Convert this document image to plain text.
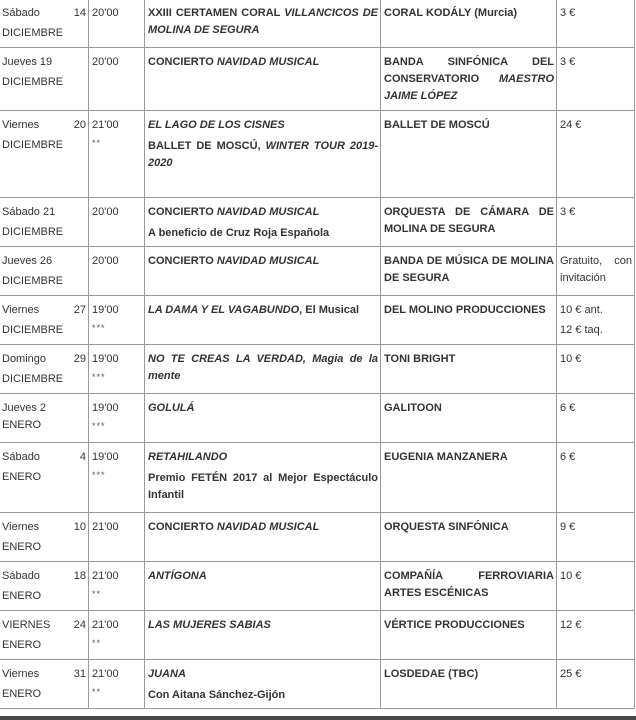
Sábado 14
DICIEMBRE	20'00	XXIII CERTAMEN CORAL VILLANCICOS DE MOLINA DE SEGURA	CORAL KODÁLY (Murcia)	3 €

Jueves 19
DICIEMBRE	20'00	CONCIERTO NAVIDAD MUSICAL	BANDA SINFÓNICA DEL CONSERVATORIO MAESTRO JAIME LÓPEZ	3 €

Viernes 20
DICIEMBRE	21'00
**	EL LAGO DE LOS CISNES
BALLET DE MOSCÚ, WINTER TOUR 2019-2020	BALLET DE MOSCÚ	24 €

Sábado 21
DICIEMBRE	20'00	CONCIERTO NAVIDAD MUSICAL
A beneficio de Cruz Roja Española	ORQUESTA DE CÁMARA DE MOLINA DE SEGURA	3 €

Jueves 26
DICIEMBRE	20'00	CONCIERTO NAVIDAD MUSICAL	BANDA DE MÚSICA DE MOLINA DE SEGURA	Gratuito, con invitación

Viernes 27
DICIEMBRE	19'00
***	LA DAMA Y EL VAGABUNDO, El Musical	DEL MOLINO PRODUCCIONES	10 € ant.
12 € taq.

Domingo 29
DICIEMBRE	19'00
***	NO TE CREAS LA VERDAD, Magia de la mente	TONI BRIGHT	10 €

Jueves 2 ENERO	19'00
***	GOLULÁ	GALITOON	6 €

Sábado 4
ENERO	19'00
***	RETAHILANDO
Premio FETÉN 2017 al Mejor Espectáculo Infantil	EUGENIA MANZANERA	6 €

Viernes 10
ENERO	21'00	CONCIERTO NAVIDAD MUSICAL	ORQUESTA SINFÓNICA	9 €

Sábado 18
ENERO	21'00
**	ANTÍGONA	COMPAÑÍA FERROVIARIA ARTES ESCÉNICAS	10 €

VIERNES 24
ENERO	21'00
**	LAS MUJERES SABIAS	VÉRTICE PRODUCCIONES	12 €

Viernes 31
ENERO	21'00
**	JUANA
Con Aitana Sánchez-Gijón	LOSDEDAE (TBC)	25 €
